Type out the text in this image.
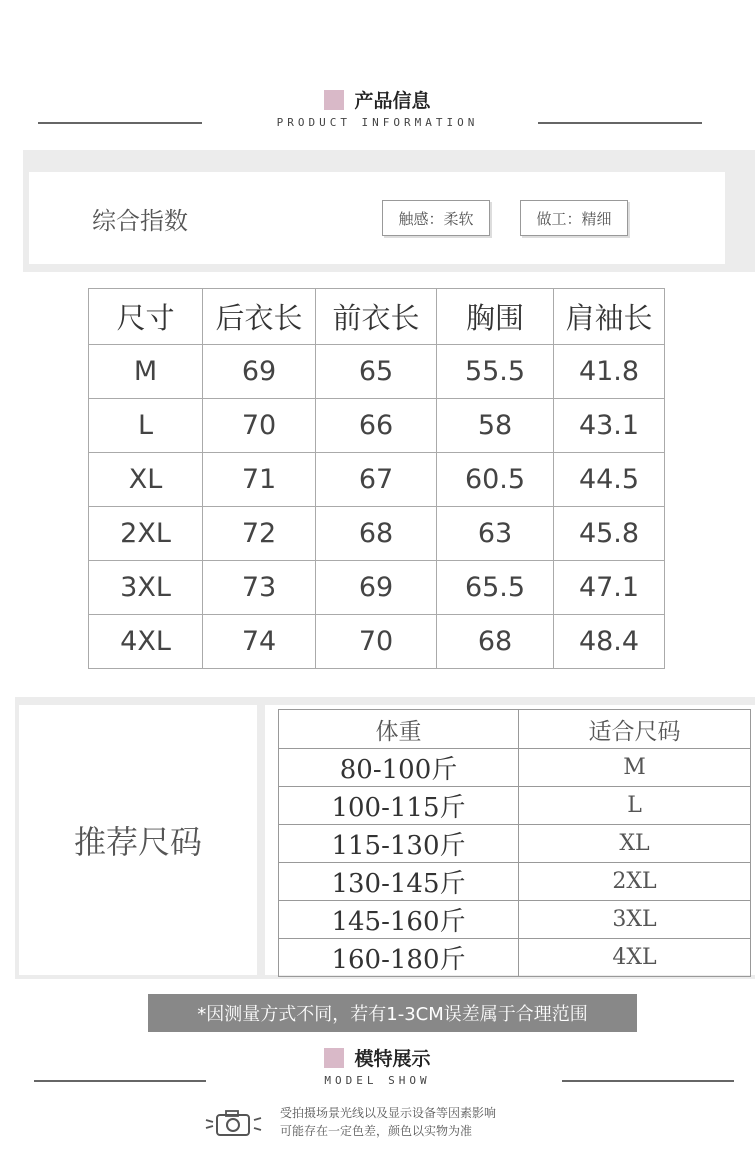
产品信息
PRODUCT INFORMATION
综合指数	触感：柔软	做工：精细
尺寸	后衣长	前衣长	胸围	肩袖长
M	69	65	55.5	41.8
L	70	66	58	43.1
XL	71	67	60.5	44.5
2XL	72	68	63	45.8
3XL	73	69	65.5	47.1
4XL	74	70	68	48.4
推荐尺码
体重	适合尺码
80-100斤	M
100-115斤	L
115-130斤	XL
130-145斤	2XL
145-160斤	3XL
160-180斤	4XL
*因测量方式不同，若有1-3CM误差属于合理范围
模特展示
MODEL SHOW
受拍摄场景光线以及显示设备等因素影响
可能存在一定色差，颜色以实物为准
